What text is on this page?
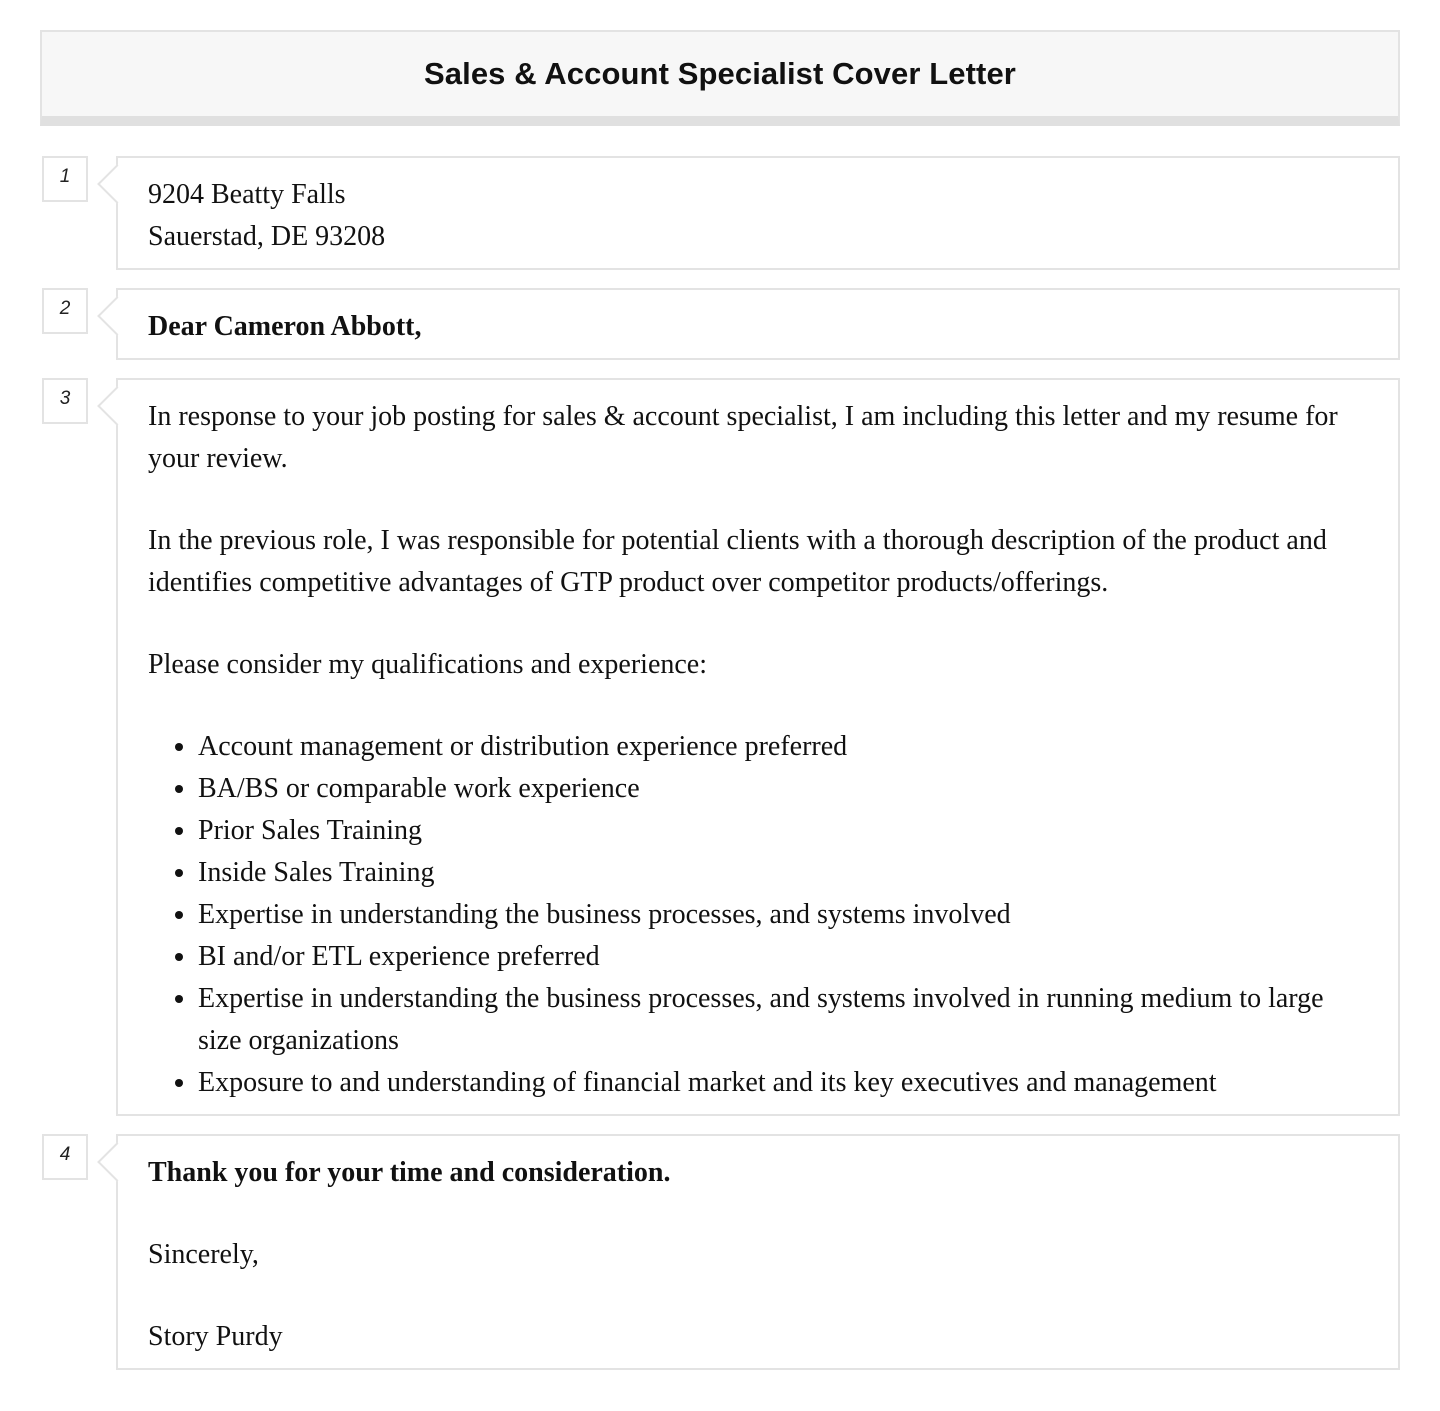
Sales & Account Specialist Cover Letter
1

9204 Beatty Falls

Sauerstad, DE 93208

2

Dear Cameron Abbott,

3

In response to your job posting for sales & account specialist, I am including this letter and my resume for your review.

In the previous role, I was responsible for potential clients with a thorough description of the product and identifies competitive advantages of GTP product over competitor products/offerings.

Please consider my qualifications and experience:

• Account management or distribution experience preferred
• BA/BS or comparable work experience
• Prior Sales Training
• Inside Sales Training
• Expertise in understanding the business processes, and systems involved
• BI and/or ETL experience preferred
• Expertise in understanding the business processes, and systems involved in running medium to large size organizations
• Exposure to and understanding of financial market and its key executives and management
4

Thank you for your time and consideration.

Sincerely,

Story Purdy
